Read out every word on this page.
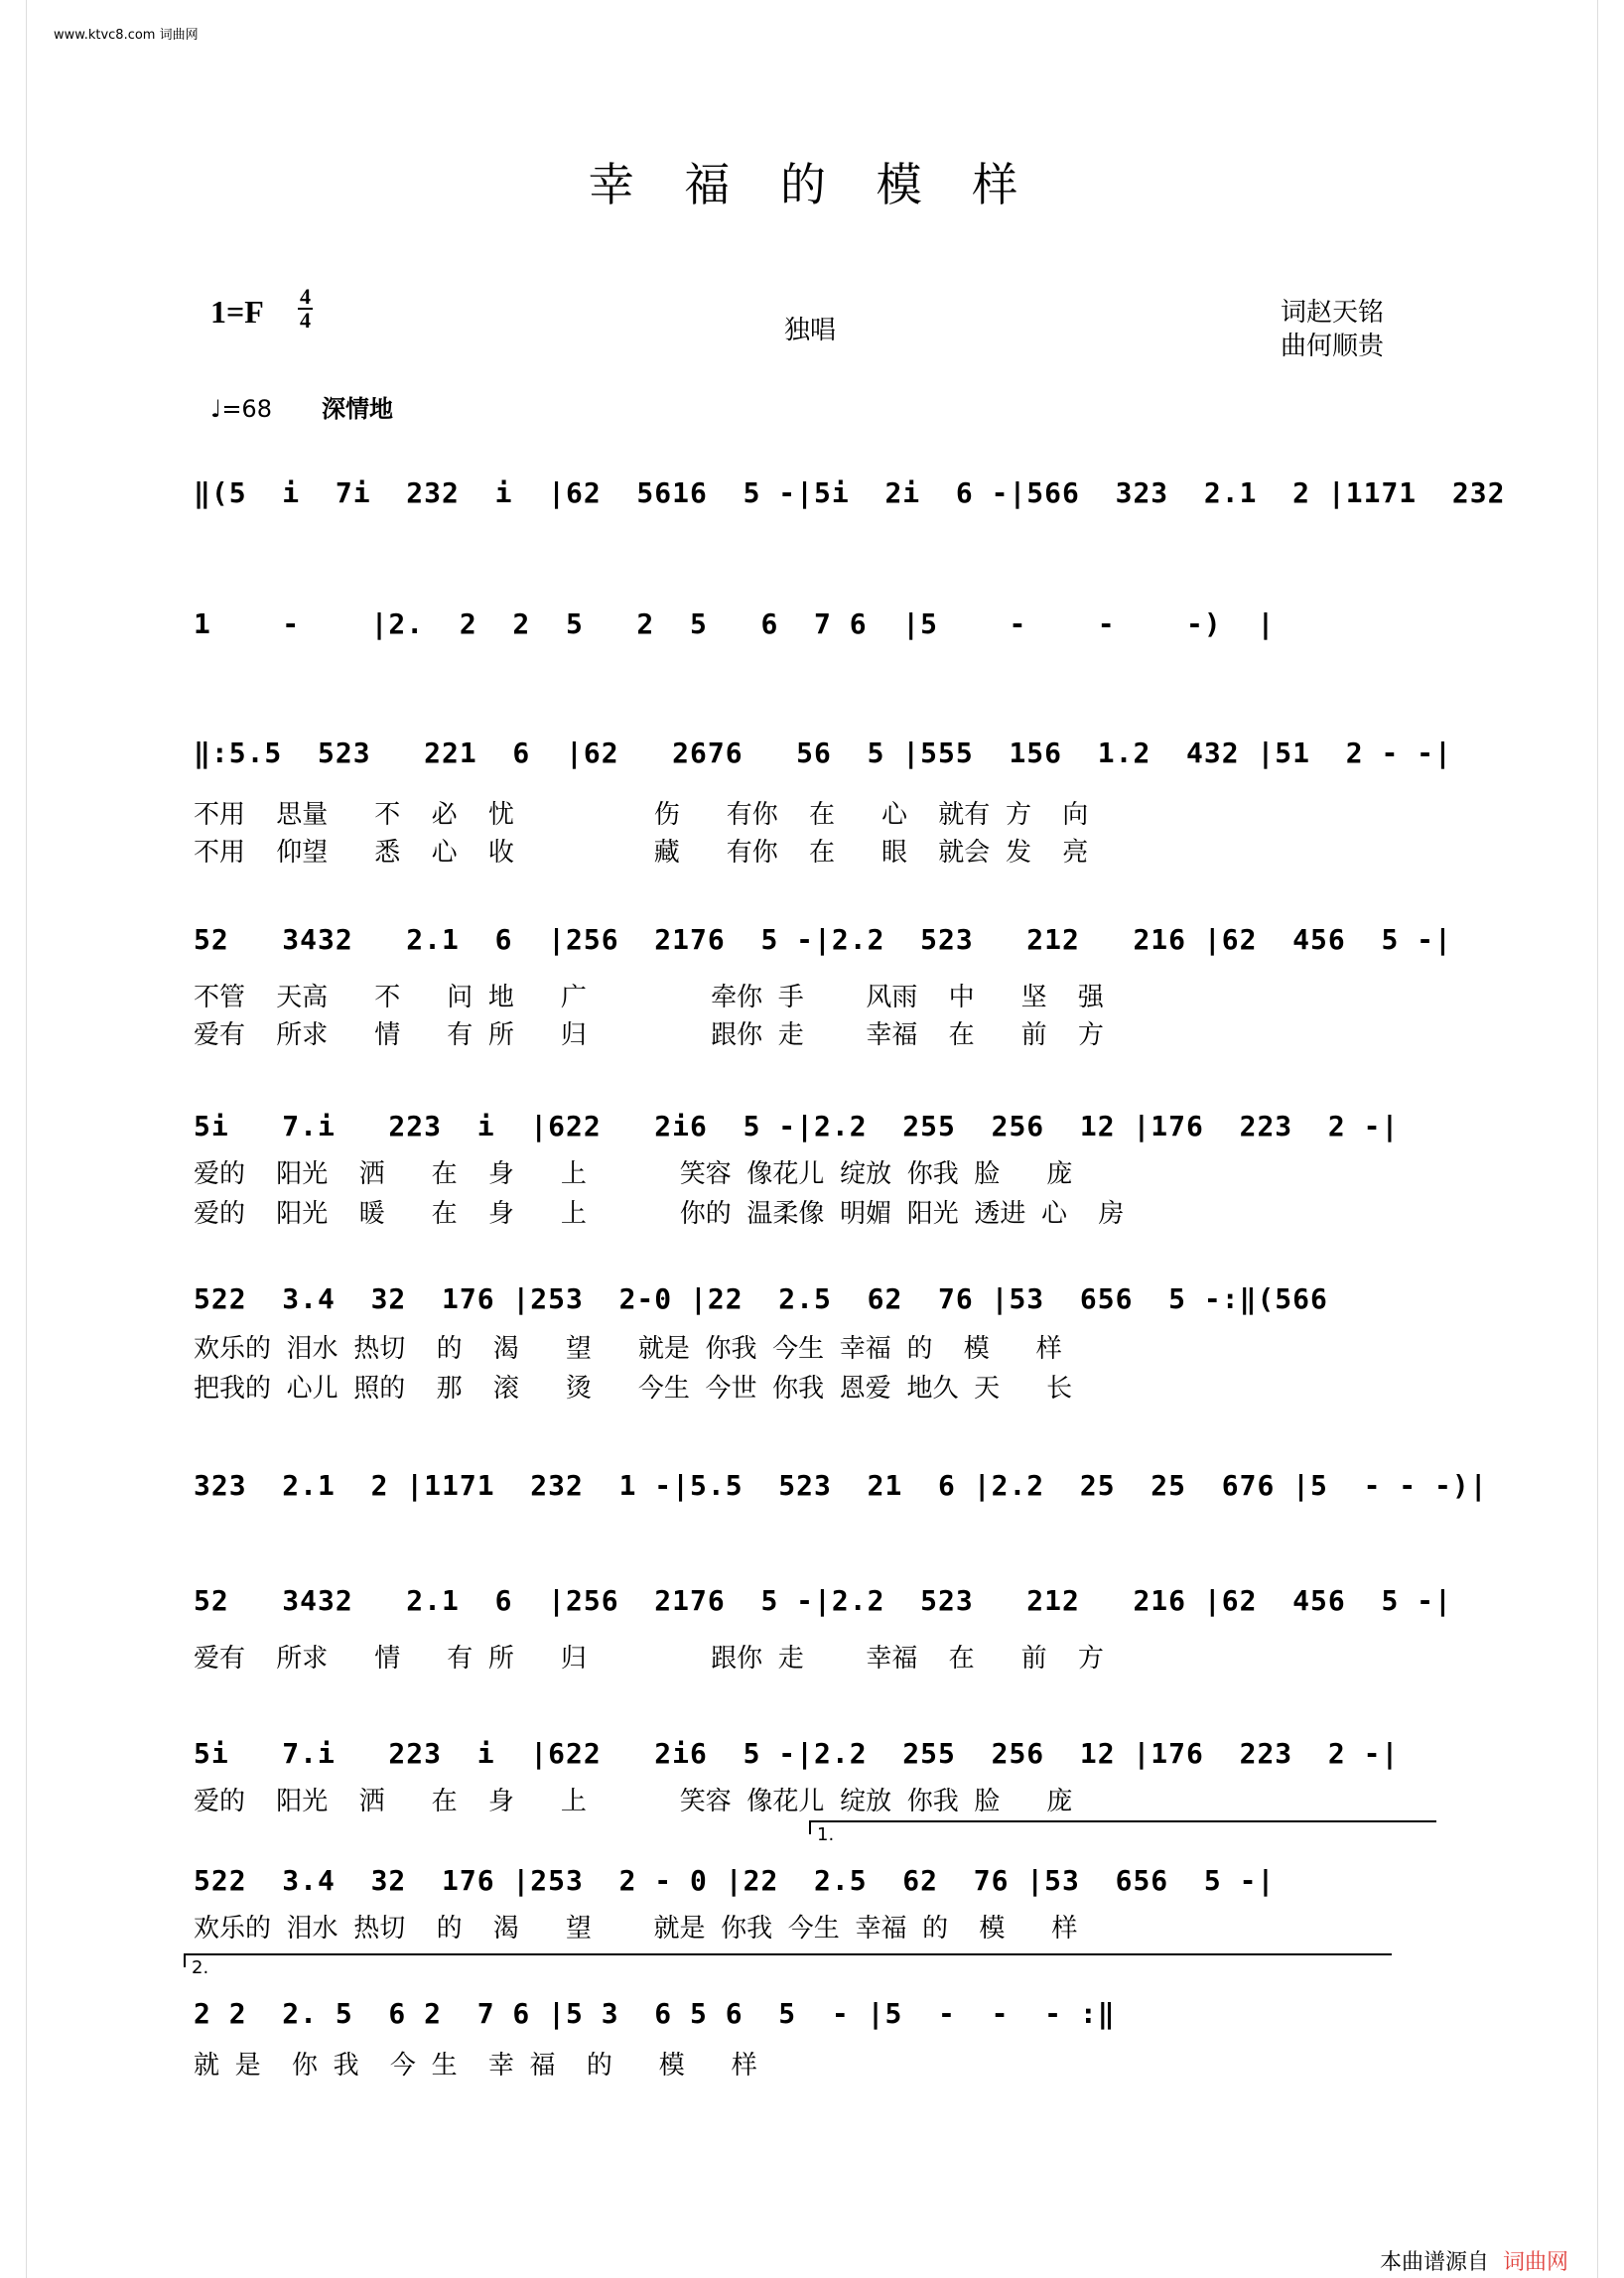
www.ktvc8.com 词曲网
幸 福 的 模 样
1=F 4
4	独唱
词赵天铭
曲何顺贵
♩=68 深情地
‖(5  i  7i  232  i  |62  5616  5 -|5i  2i  6 -|566  323  2.1  2 |1171  232
1    -    |2.  2  2  5   2  5   6  7 6  |5    -    -    -)  |
‖:5.5  523   221  6  |62   2676   56  5 |555  156  1.2  432 |51  2 - -|
不用  思量   不  必  忧         伤   有你  在   心  就有 方  向
不用  仰望   悉  心  收         藏   有你  在   眼  就会 发  亮
52   3432   2.1  6  |256  2176  5 -|2.2  523   212   216 |62  456  5 -|
不管  天高   不   问 地   广        牵你 手    风雨  中   坚  强
爱有  所求   情   有 所   归        跟你 走    幸福  在   前  方
5i   7.i   223  i  |622   2i6  5 -|2.2  255  256  12 |176  223  2 -|
爱的  阳光  洒   在  身   上      笑容 像花儿 绽放 你我 脸   庞
爱的  阳光  暖   在  身   上      你的 温柔像 明媚 阳光 透进 心  房
522  3.4  32  176 |253  2-0 |22  2.5  62  76 |53  656  5 -:‖(566
欢乐的 泪水 热切  的  渴   望   就是 你我 今生 幸福 的  模   样
把我的 心儿 照的  那  滚   烫   今生 今世 你我 恩爱 地久 天   长
323  2.1  2 |1171  232  1 -|5.5  523  21  6 |2.2  25  25  676 |5  - - -)|
52   3432   2.1  6  |256  2176  5 -|2.2  523   212   216 |62  456  5 -|
爱有  所求   情   有 所   归        跟你 走    幸福  在   前  方
5i   7.i   223  i  |622   2i6  5 -|2.2  255  256  12 |176  223  2 -|
爱的  阳光  洒   在  身   上      笑容 像花儿 绽放 你我 脸   庞
1.
522  3.4  32  176 |253  2 - 0 |22  2.5  62  76 |53  656  5 -|
欢乐的 泪水 热切  的  渴   望    就是 你我 今生 幸福 的  模   样
2.
2 2  2. 5  6 2  7 6 |5 3  6 5 6  5  - |5  -  -  - :‖
就 是  你 我  今 生  幸 福  的   模   样
本曲谱源自 词曲网
